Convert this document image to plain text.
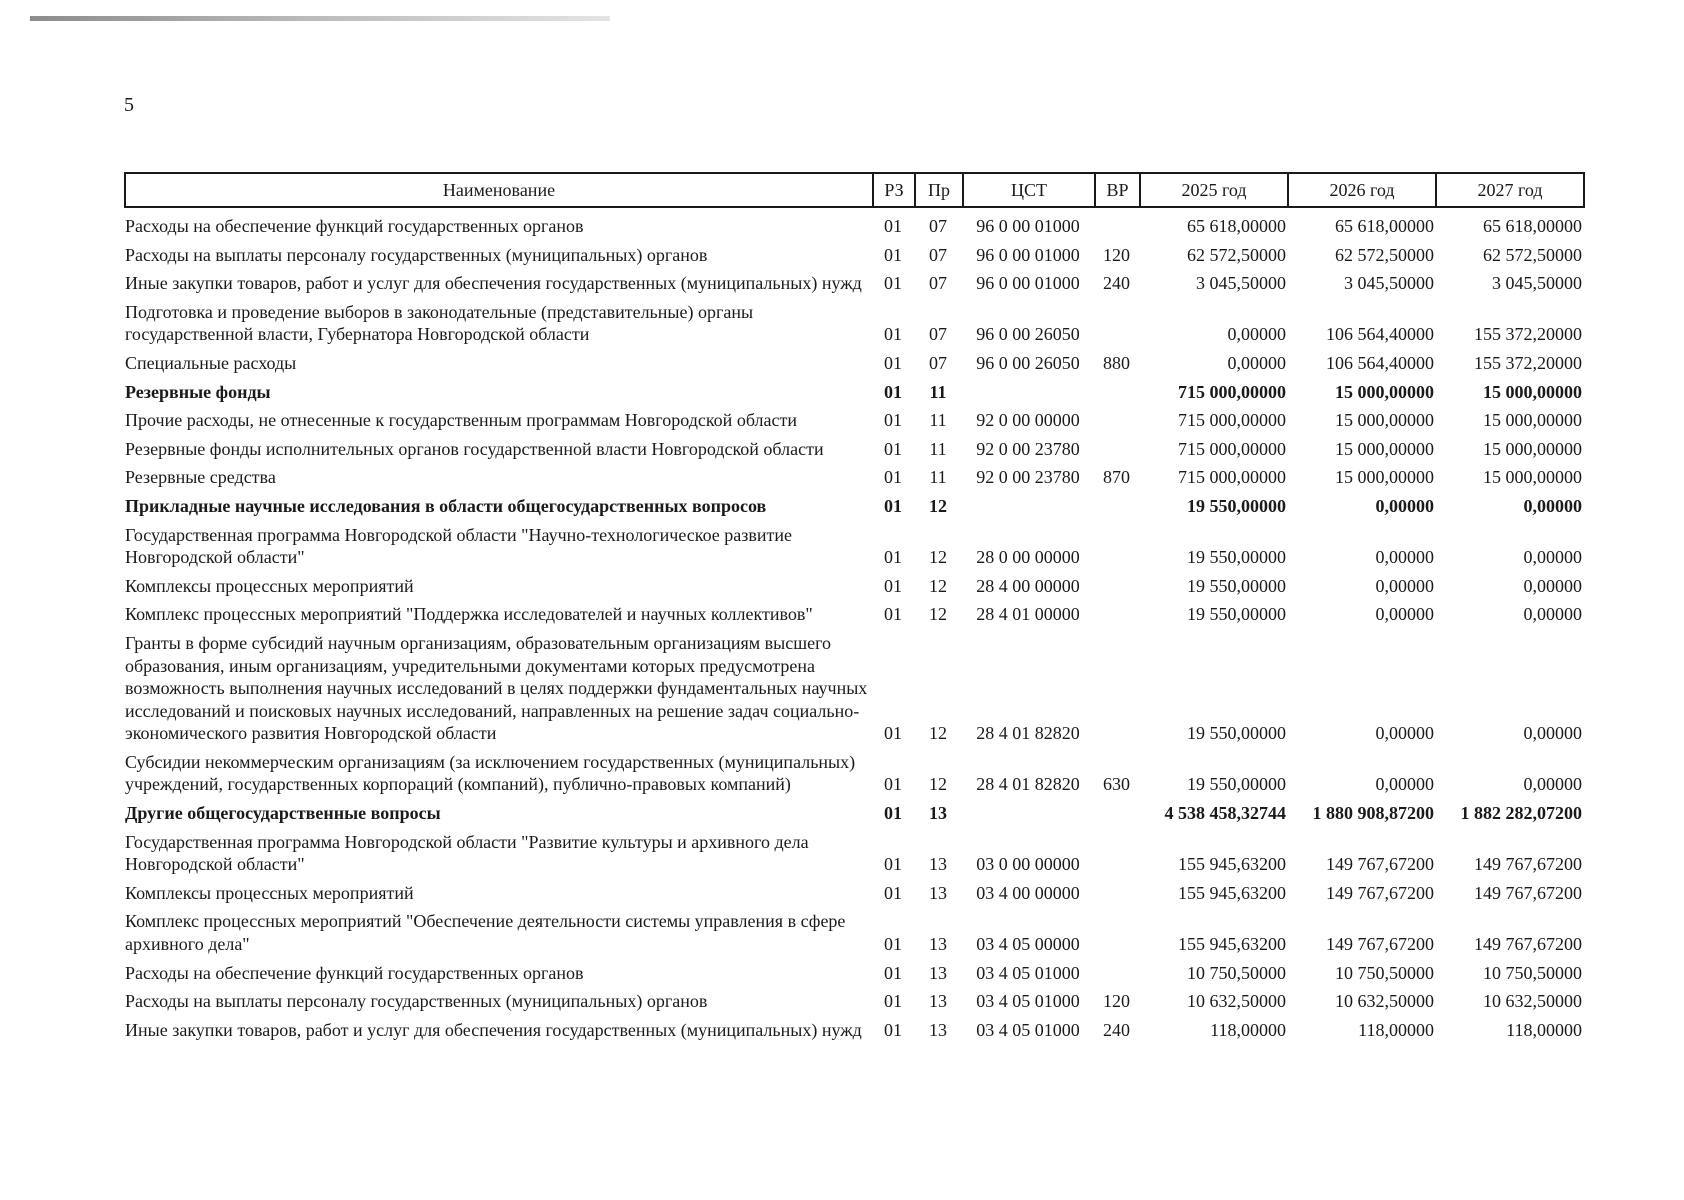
5
Наименование	РЗ	Пр	ЦСТ	ВР	2025 год	2026 год	2027 год
Расходы на обеспечение функций государственных органов	01	07	96 0 00 01000		65 618,00000	65 618,00000	65 618,00000
Расходы на выплаты персоналу государственных (муниципальных) органов	01	07	96 0 00 01000	120	62 572,50000	62 572,50000	62 572,50000
Иные закупки товаров, работ и услуг для обеспечения государственных (муниципальных) нужд	01	07	96 0 00 01000	240	3 045,50000	3 045,50000	3 045,50000
Подготовка и проведение выборов в законодательные (представительные) органы государственной власти, Губернатора Новгородской области	01	07	96 0 00 26050		0,00000	106 564,40000	155 372,20000
Специальные расходы	01	07	96 0 00 26050	880	0,00000	106 564,40000	155 372,20000
Резервные фонды	01	11			715 000,00000	15 000,00000	15 000,00000
Прочие расходы, не отнесенные к государственным программам Новгородской области	01	11	92 0 00 00000		715 000,00000	15 000,00000	15 000,00000
Резервные фонды исполнительных органов государственной власти Новгородской области	01	11	92 0 00 23780		715 000,00000	15 000,00000	15 000,00000
Резервные средства	01	11	92 0 00 23780	870	715 000,00000	15 000,00000	15 000,00000
Прикладные научные исследования в области общегосударственных вопросов	01	12			19 550,00000	0,00000	0,00000
Государственная программа Новгородской области "Научно-технологическое развитие Новгородской области"	01	12	28 0 00 00000		19 550,00000	0,00000	0,00000
Комплексы процессных мероприятий	01	12	28 4 00 00000		19 550,00000	0,00000	0,00000
Комплекс процессных мероприятий "Поддержка исследователей и научных коллективов"	01	12	28 4 01 00000		19 550,00000	0,00000	0,00000
Гранты в форме субсидий научным организациям, образовательным организациям высшего образования, иным организациям, учредительными документами которых предусмотрена возможность выполнения научных исследований в целях поддержки фундаментальных научных исследований и поисковых научных исследований, направленных на решение задач социально-экономического развития Новгородской области	01	12	28 4 01 82820		19 550,00000	0,00000	0,00000
Субсидии некоммерческим организациям (за исключением государственных (муниципальных) учреждений, государственных корпораций (компаний), публично-правовых компаний)	01	12	28 4 01 82820	630	19 550,00000	0,00000	0,00000
Другие общегосударственные вопросы	01	13			4 538 458,32744	1 880 908,87200	1 882 282,07200
Государственная программа Новгородской области "Развитие культуры и архивного дела Новгородской области"	01	13	03 0 00 00000		155 945,63200	149 767,67200	149 767,67200
Комплексы процессных мероприятий	01	13	03 4 00 00000		155 945,63200	149 767,67200	149 767,67200
Комплекс процессных мероприятий "Обеспечение деятельности системы управления в сфере архивного дела"	01	13	03 4 05 00000		155 945,63200	149 767,67200	149 767,67200
Расходы на обеспечение функций государственных органов	01	13	03 4 05 01000		10 750,50000	10 750,50000	10 750,50000
Расходы на выплаты персоналу государственных (муниципальных) органов	01	13	03 4 05 01000	120	10 632,50000	10 632,50000	10 632,50000
Иные закупки товаров, работ и услуг для обеспечения государственных (муниципальных) нужд	01	13	03 4 05 01000	240	118,00000	118,00000	118,00000
